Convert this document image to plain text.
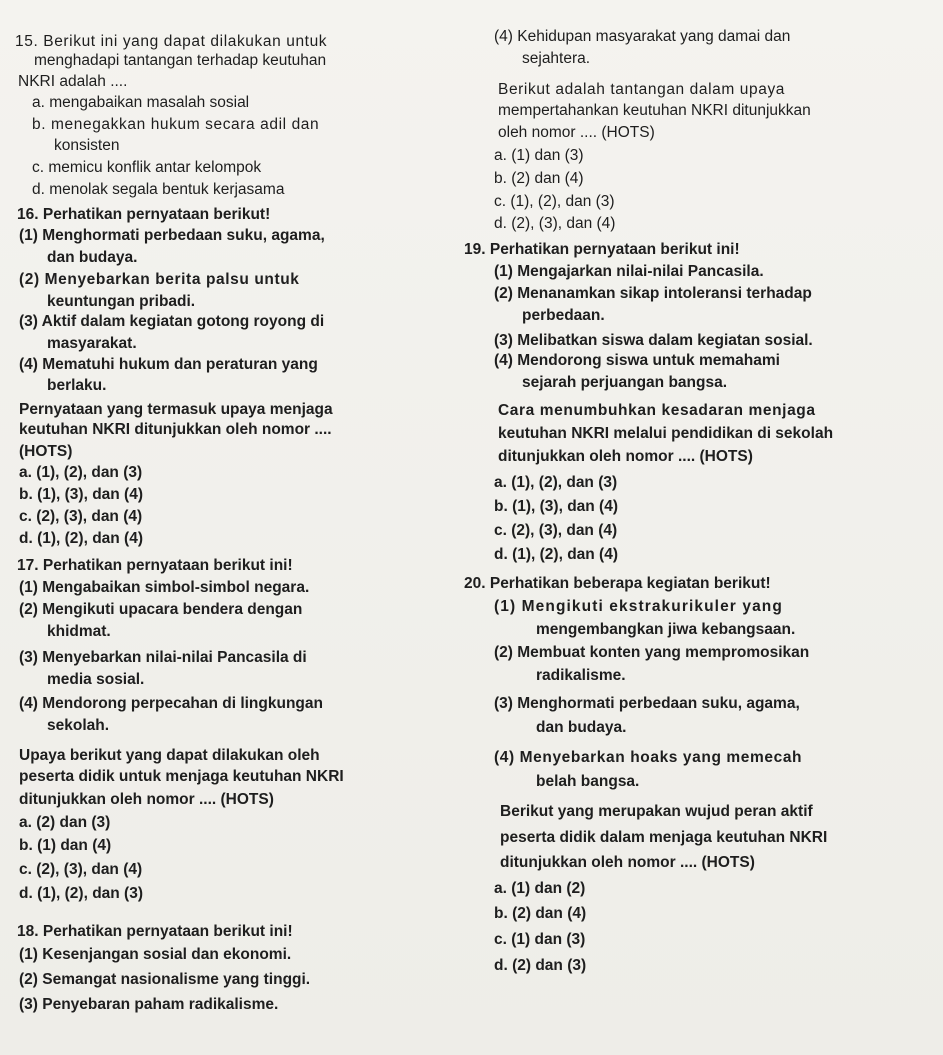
15. Berikut ini yang dapat dilakukan untuk
menghadapi tantangan terhadap keutuhan
NKRI adalah ....
a. mengabaikan masalah sosial
b. menegakkan hukum secara adil dan
konsisten
c. memicu konflik antar kelompok
d. menolak segala bentuk kerjasama
16. Perhatikan pernyataan berikut!
(1) Menghormati perbedaan suku, agama,
dan budaya.
(2) Menyebarkan berita palsu untuk
keuntungan pribadi.
(3) Aktif dalam kegiatan gotong royong di
masyarakat.
(4) Mematuhi hukum dan peraturan yang
berlaku.
Pernyataan yang termasuk upaya menjaga
keutuhan NKRI ditunjukkan oleh nomor ....
(HOTS)
a. (1), (2), dan (3)
b. (1), (3), dan (4)
c. (2), (3), dan (4)
d. (1), (2), dan (4)
17. Perhatikan pernyataan berikut ini!
(1) Mengabaikan simbol-simbol negara.
(2) Mengikuti upacara bendera dengan
khidmat.
(3) Menyebarkan nilai-nilai Pancasila di
media sosial.
(4) Mendorong perpecahan di lingkungan
sekolah.
Upaya berikut yang dapat dilakukan oleh
peserta didik untuk menjaga keutuhan NKRI
ditunjukkan oleh nomor .... (HOTS)
a. (2) dan (3)
b. (1) dan (4)
c. (2), (3), dan (4)
d. (1), (2), dan (3)
18. Perhatikan pernyataan berikut ini!
(1) Kesenjangan sosial dan ekonomi.
(2) Semangat nasionalisme yang tinggi.
(3) Penyebaran paham radikalisme.
(4) Kehidupan masyarakat yang damai dan
sejahtera.
Berikut adalah tantangan dalam upaya
mempertahankan keutuhan NKRI ditunjukkan
oleh nomor .... (HOTS)
a. (1) dan (3)
b. (2) dan (4)
c. (1), (2), dan (3)
d. (2), (3), dan (4)
19. Perhatikan pernyataan berikut ini!
(1) Mengajarkan nilai-nilai Pancasila.
(2) Menanamkan sikap intoleransi terhadap
perbedaan.
(3) Melibatkan siswa dalam kegiatan sosial.
(4) Mendorong siswa untuk memahami
sejarah perjuangan bangsa.
Cara menumbuhkan kesadaran menjaga
keutuhan NKRI melalui pendidikan di sekolah
ditunjukkan oleh nomor .... (HOTS)
a. (1), (2), dan (3)
b. (1), (3), dan (4)
c. (2), (3), dan (4)
d. (1), (2), dan (4)
20. Perhatikan beberapa kegiatan berikut!
(1) Mengikuti ekstrakurikuler yang
mengembangkan jiwa kebangsaan.
(2) Membuat konten yang mempromosikan
radikalisme.
(3) Menghormati perbedaan suku, agama,
dan budaya.
(4) Menyebarkan hoaks yang memecah
belah bangsa.
Berikut yang merupakan wujud peran aktif
peserta didik dalam menjaga keutuhan NKRI
ditunjukkan oleh nomor .... (HOTS)
a. (1) dan (2)
b. (2) dan (4)
c. (1) dan (3)
d. (2) dan (3)
